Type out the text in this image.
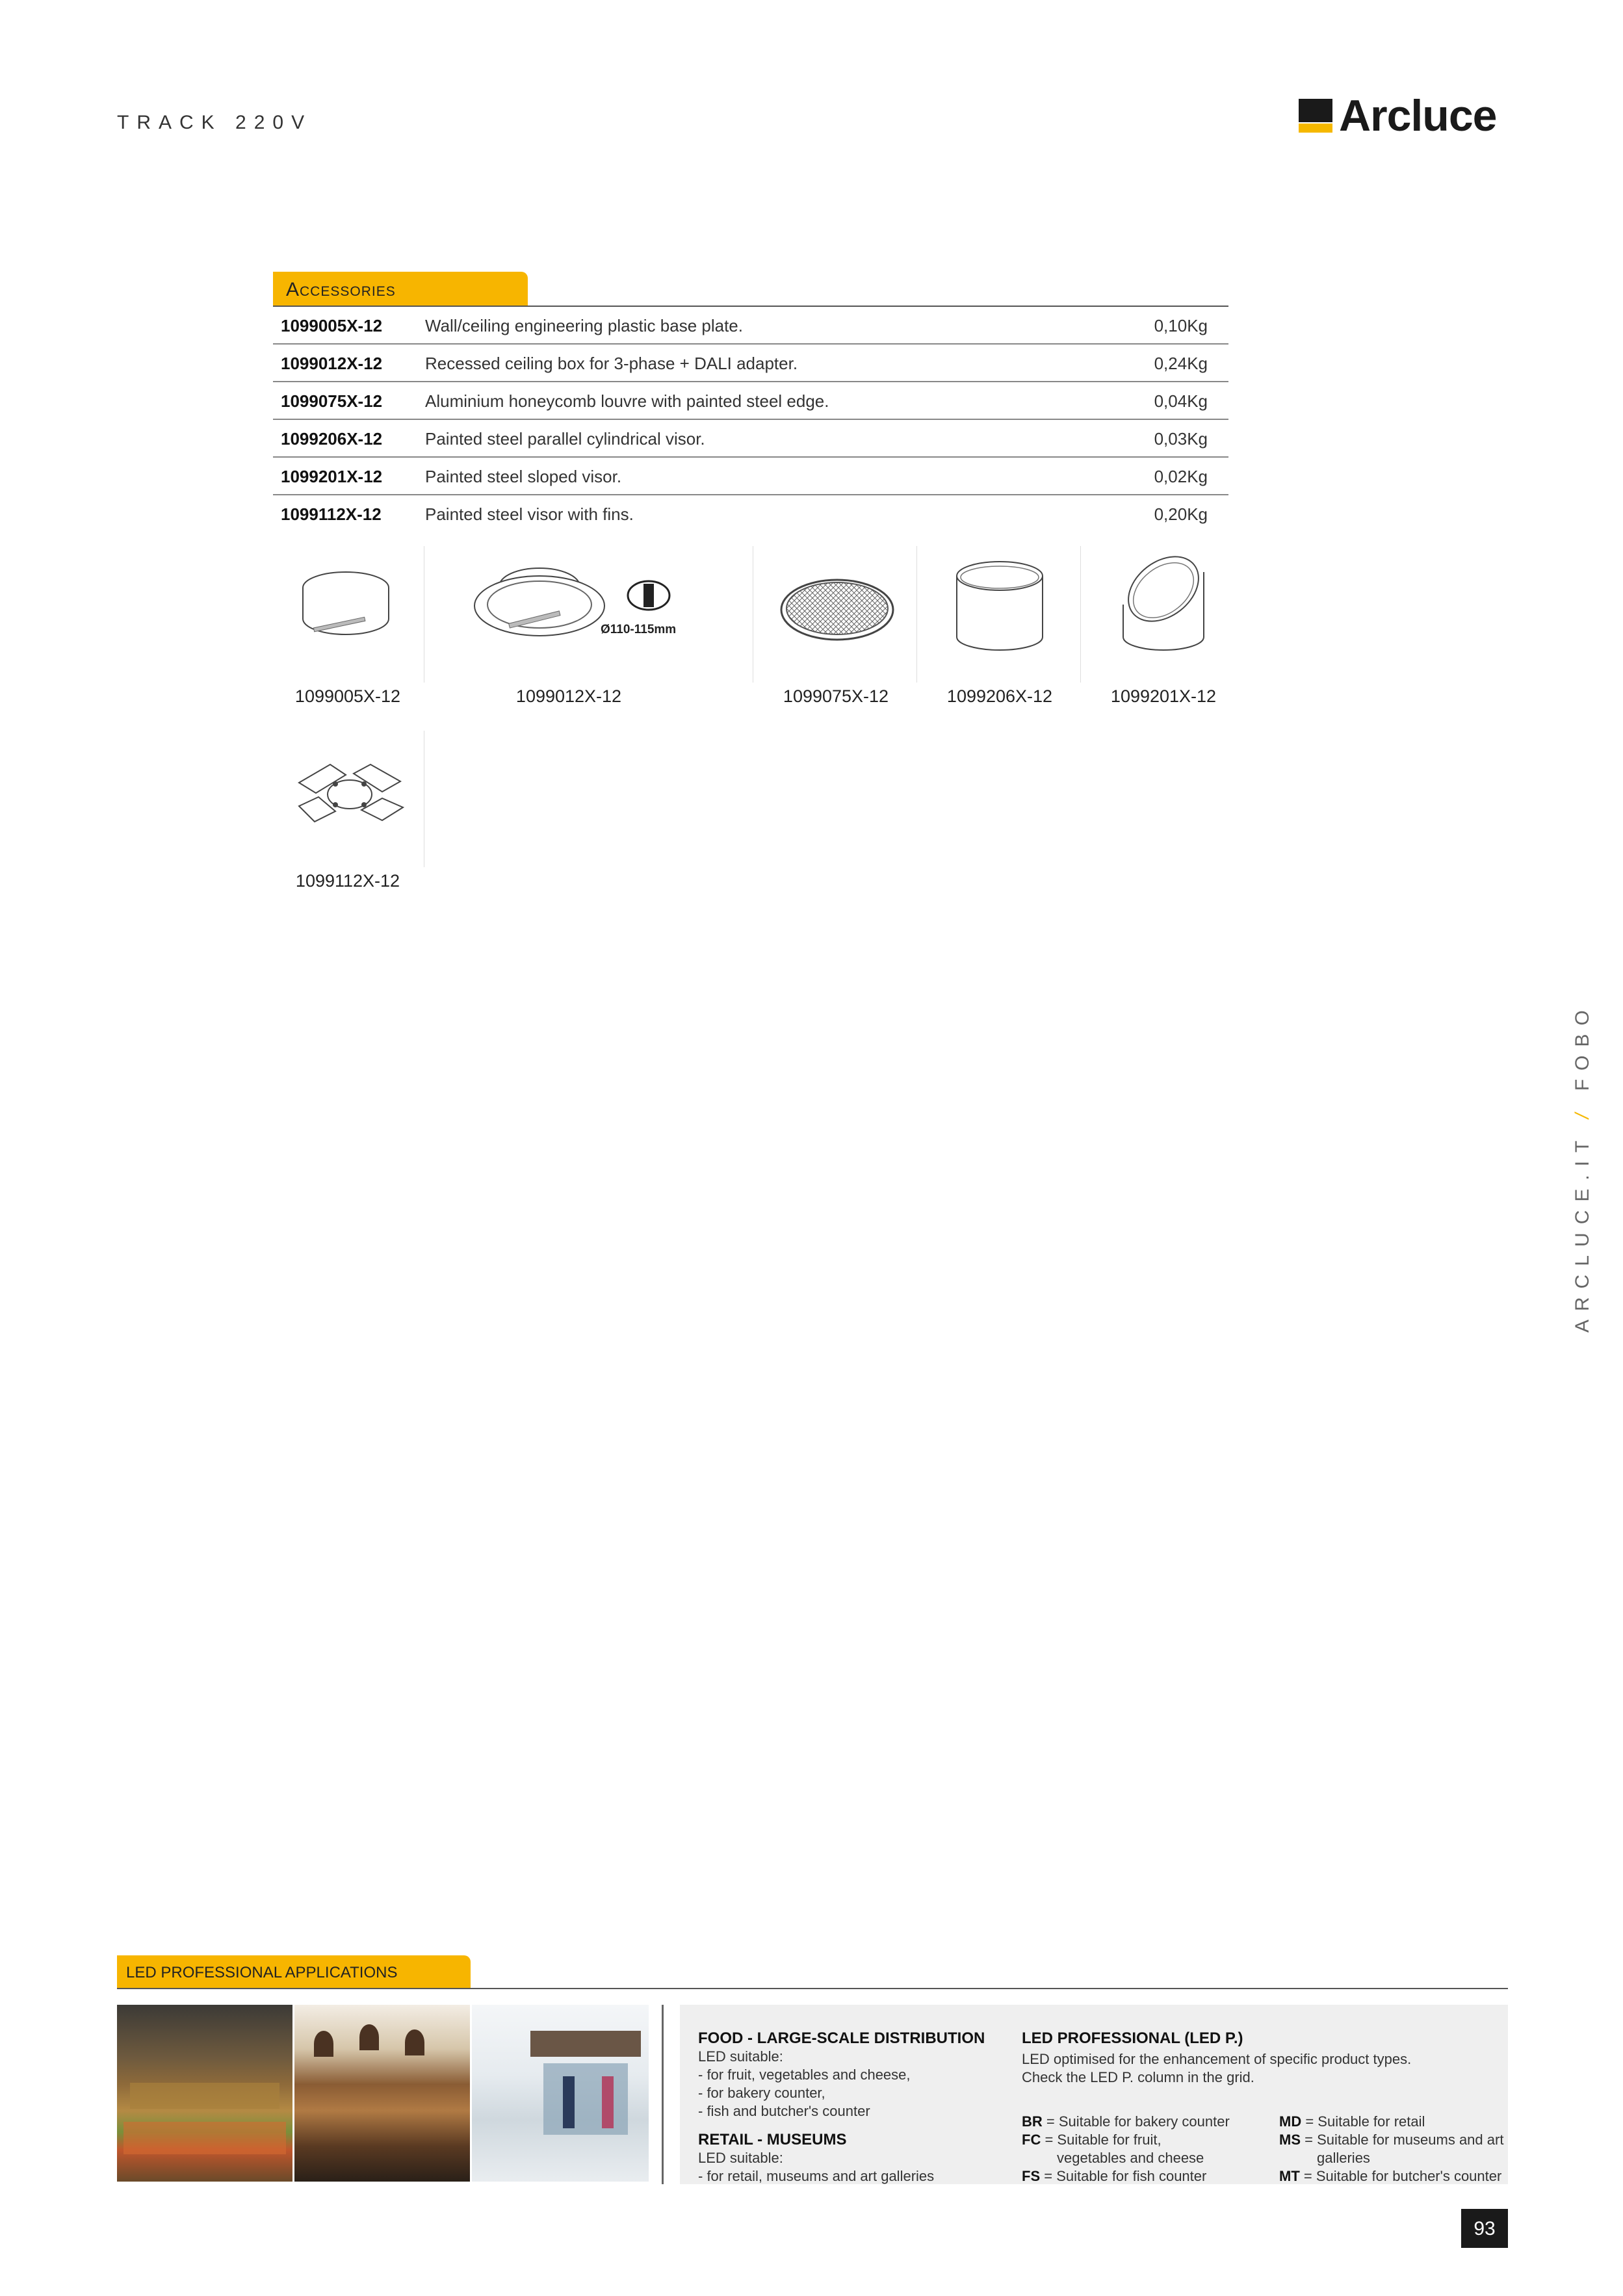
TRACK 220V	Arcluce
Accessories
1099005X-12	Wall/ceiling engineering plastic base plate.	0,10Kg
1099012X-12	Recessed ceiling box for 3-phase + DALI adapter.	0,24Kg
1099075X-12	Aluminium honeycomb louvre with painted steel edge.	0,04Kg
1099206X-12	Painted steel parallel cylindrical visor.	0,03Kg
1099201X-12	Painted steel sloped visor.	0,02Kg
1099112X-12	Painted steel visor with fins.	0,20Kg
1099005X-12
Ø110-115mm
1099012X-12	1099075X-12	1099206X-12	1099201X-12
1099112X-12
ARCLUCE.IT / FOBO
LED PROFESSIONAL APPLICATIONS
FOOD - LARGE-SCALE DISTRIBUTION
LED suitable:
- for fruit, vegetables and cheese,
- for bakery counter,
- fish and butcher's counter
RETAIL - MUSEUMS
LED suitable:
- for retail, museums and art galleries
LED PROFESSIONAL (LED P.)
LED optimised for the enhancement of specific product types.
Check the LED P. column in the grid.
BR = Suitable for bakery counter
FC = Suitable for fruit,
vegetables and cheese
FS = Suitable for fish counter
MD = Suitable for retail
MS = Suitable for museums and art
galleries
MT = Suitable for butcher's counter
93
